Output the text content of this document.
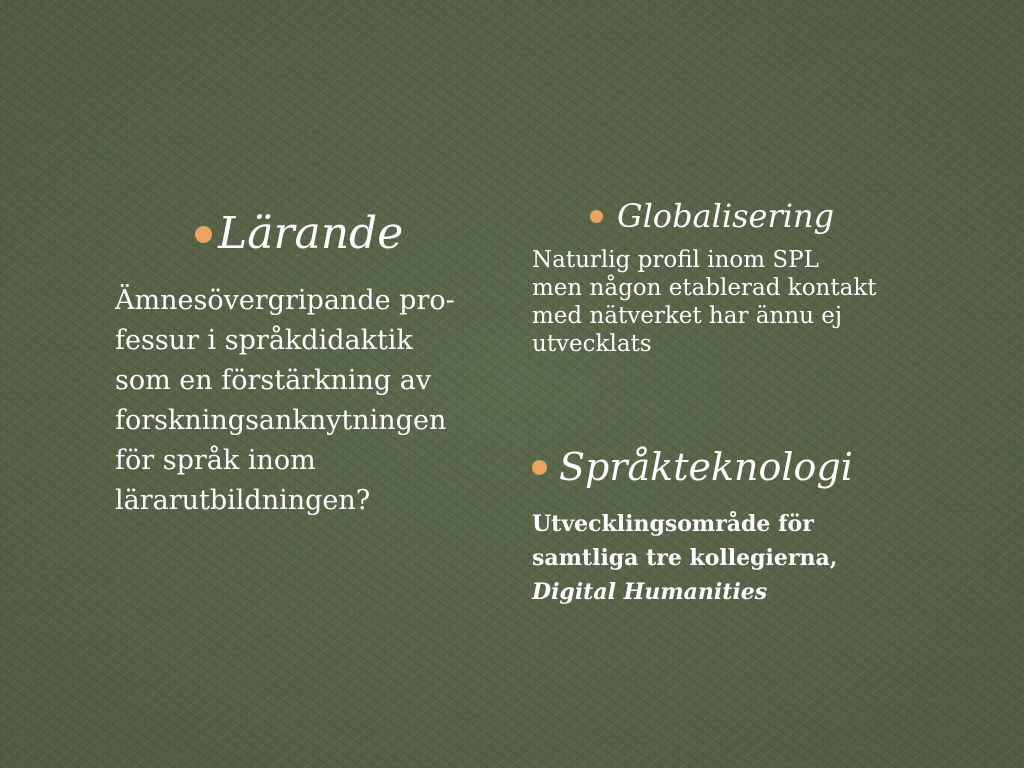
Lärande
Ämnesövergripande pro-
fessur i språkdidaktik
som en förstärkning av
forskningsanknytningen
för språk inom
lärarutbildningen?
Globalisering
Naturlig profil inom SPL
men någon etablerad kontakt
med nätverket har ännu ej
utvecklats
Språkteknologi
Utvecklingsområde för
samtliga tre kollegierna,
Digital Humanities
